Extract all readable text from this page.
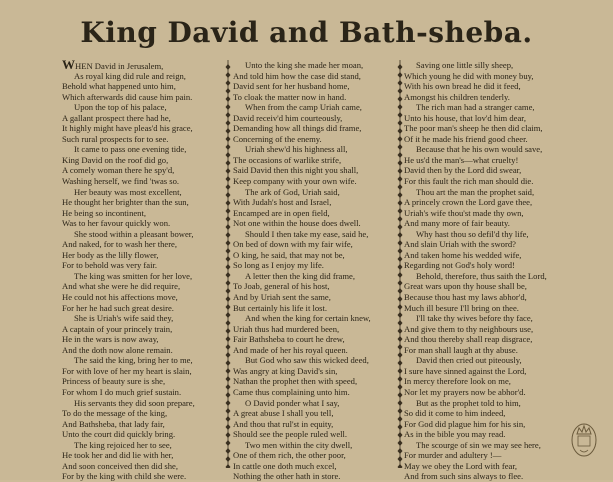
King David and Bath-sheba.
WHEN David in Jerusalem,
As royal king did rule and reign,
Behold what happened unto him,
Which afterwards did cause him pain.
Upon the top of his palace,
A gallant prospect there had he,
It highly might have pleas'd his grace,
Such rural prospects for to see.
It came to pass one evening tide,
King David on the roof did go,
A comely woman there he spy'd,
Washing herself, we find 'twas so.
Her beauty was most excellent,
He thought her brighter than the sun,
He being so incontinent,
Was to her favour quickly won.
She stood within a pleasant bower,
And naked, for to wash her there,
Her body as the lilly flower,
For to behold was very fair.
The king was smitten for her love,
And what she were he did require,
He could not his affections move,
For her he had such great desire.
She is Uriah's wife said they,
A captain of your princely train,
He in the wars is now away,
And the doth now alone remain.
The said the king, bring her to me,
For with love of her my heart is slain,
Princess of beauty sure is she,
For whom I do much grief sustain.
His servants they did soon prepare,
To do the message of the king,
And Bathsheba, that lady fair,
Unto the court did quickly bring.
The king rejoiced her to see,
He took her and did lie with her,
And soon conceived then did she,
For by the king with child she were.
Unto the king she made her moan,
And told him how the case did stand,
David sent for her husband home,
To cloak the matter now in hand.
When from the camp Uriah came,
David receiv'd him courteously,
Demanding how all things did frame,
Concerning of the enemy.
Uriah shew'd his highness all,
The occasions of warlike strife,
Said David then this night you shall,
Keep company with your own wife.
The ark of God, Uriah said,
With Judah's host and Israel,
Encamped are in open field,
Not one within the house does dwell.
Should I then take my ease, said he,
On bed of down with my fair wife,
O king, he said, that may not be,
So long as I enjoy my life.
A letter then the king did frame,
To Joab, general of his host,
And by Uriah sent the same,
But certainly his life it lost.
And when the king for certain knew,
Uriah thus had murdered been,
Fair Bathsheba to court he drew,
And made of her his royal queen.
But God who saw this wicked deed,
Was angry at king David's sin,
Nathan the prophet then with speed,
Came thus complaining unto him.
O David ponder what I say,
A great abuse I shall you tell,
And thou that rul'st in equity,
Should see the people ruled well.
Two men within the city dwell,
One of them rich, the other poor,
In cattle one doth much excel,
Nothing the other hath in store.
Saving one little silly sheep,
Which young he did with money buy,
With his own bread he did it feed,
Amongst his children tenderly.
The rich man had a stranger came,
Unto his house, that lov'd him dear,
The poor man's sheep he then did claim,
Of it he made his friend good cheer.
Because that he his own would save,
He us'd the man's—what cruelty!
David then by the Lord did swear,
For this fault the rich man should die.
Thou art the man the prophet said,
A princely crown the Lord gave thee,
Uriah's wife thou'st made thy own,
And many more of fair beauty.
Why hast thou so defil'd thy life,
And slain Uriah with the sword?
And taken home his wedded wife,
Regarding not God's holy word!
Behold, therefore, thus saith the Lord,
Great wars upon thy house shall be,
Because thou hast my laws abhor'd,
Much ill besure I'll bring on thee.
I'll take thy wives before thy face,
And give them to thy neighbours use,
And thou thereby shall reap disgrace,
For man shall laugh at thy abuse.
David then cried out piteously,
I sure have sinned against the Lord,
In mercy therefore look on me,
Nor let my prayers now be abhor'd.
But as the prophet told to him,
So did it come to him indeed,
For God did plague him for his sin,
As in the bible you may read.
The scourge of sin we may see here,
For murder and adultery !—
May we obey the Lord with fear,
And from such sins always to flee.
